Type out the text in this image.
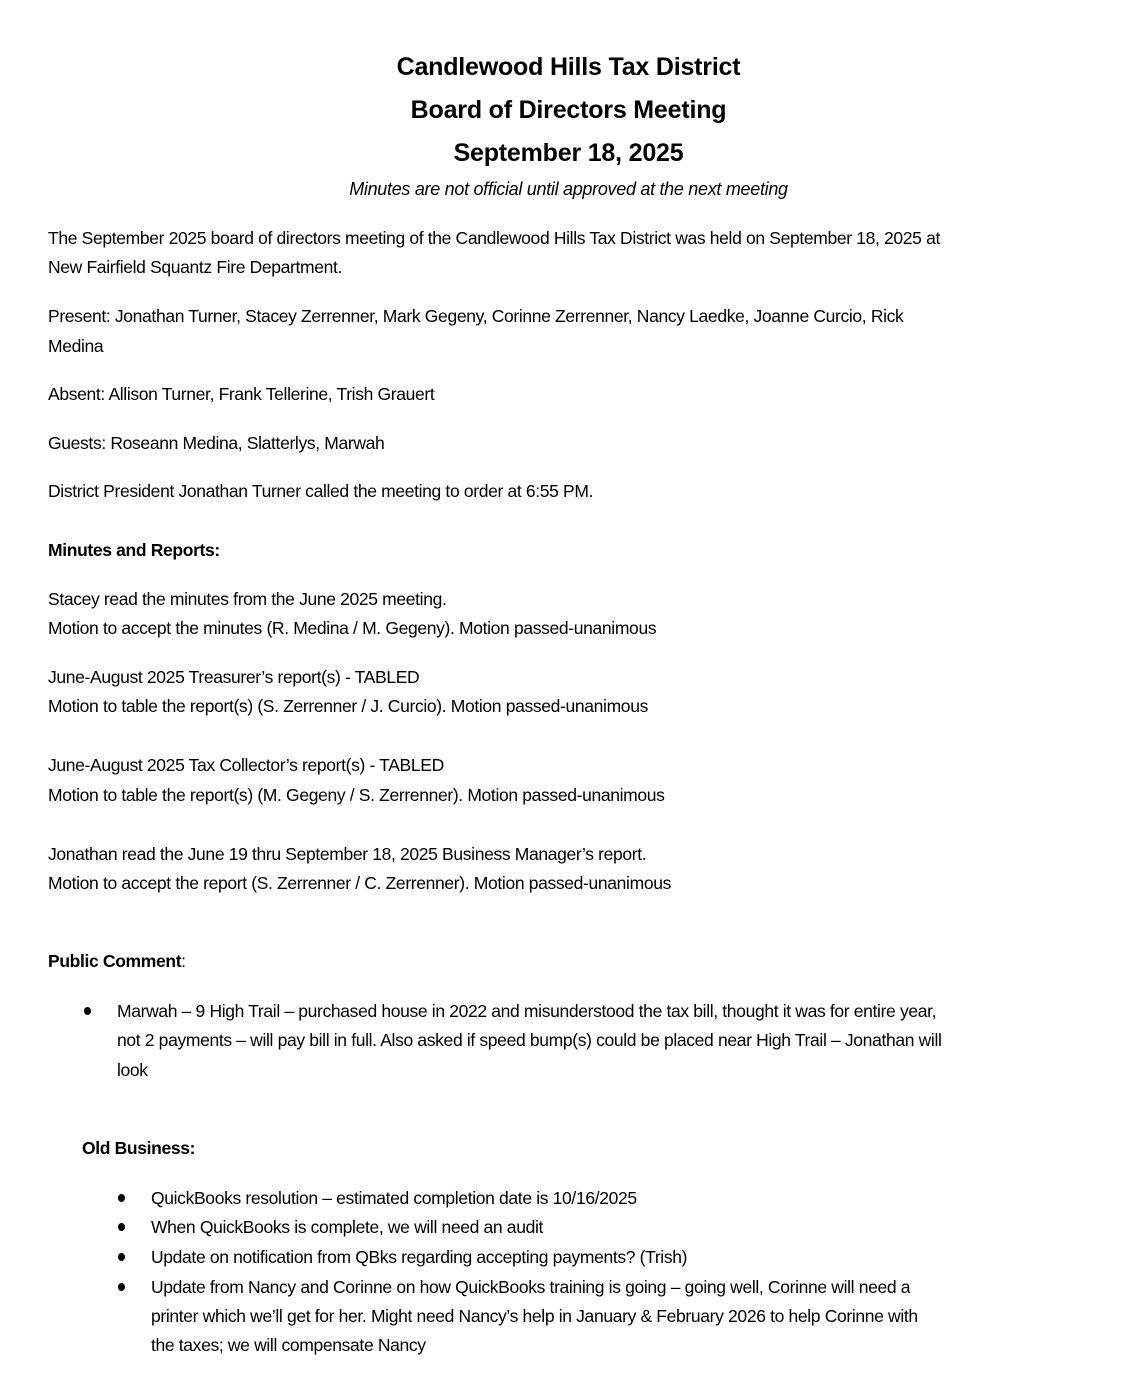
Candlewood Hills Tax District
Board of Directors Meeting
September 18, 2025
Minutes are not official until approved at the next meeting
The September 2025 board of directors meeting of the Candlewood Hills Tax District was held on September 18, 2025 at
New Fairfield Squantz Fire Department.
Present: Jonathan Turner, Stacey Zerrenner, Mark Gegeny, Corinne Zerrenner, Nancy Laedke, Joanne Curcio, Rick
Medina
Absent: Allison Turner, Frank Tellerine, Trish Grauert
Guests: Roseann Medina, Slatterlys, Marwah
District President Jonathan Turner called the meeting to order at 6:55 PM.
Minutes and Reports:
Stacey read the minutes from the June 2025 meeting.
Motion to accept the minutes (R. Medina / M. Gegeny). Motion passed-unanimous
June-August 2025 Treasurer’s report(s) - TABLED
Motion to table the report(s) (S. Zerrenner / J. Curcio). Motion passed-unanimous
June-August 2025 Tax Collector’s report(s) - TABLED
Motion to table the report(s) (M. Gegeny / S. Zerrenner). Motion passed-unanimous
Jonathan read the June 19 thru September 18, 2025 Business Manager’s report.
Motion to accept the report (S. Zerrenner / C. Zerrenner). Motion passed-unanimous
Public Comment:
Marwah – 9 High Trail – purchased house in 2022 and misunderstood the tax bill, thought it was for entire year,
not 2 payments – will pay bill in full. Also asked if speed bump(s) could be placed near High Trail – Jonathan will
look
Old Business:
QuickBooks resolution – estimated completion date is 10/16/2025
When QuickBooks is complete, we will need an audit
Update on notification from QBks regarding accepting payments? (Trish)
Update from Nancy and Corinne on how QuickBooks training is going – going well, Corinne will need a
printer which we’ll get for her. Might need Nancy’s help in January & February 2026 to help Corinne with
the taxes; we will compensate Nancy
